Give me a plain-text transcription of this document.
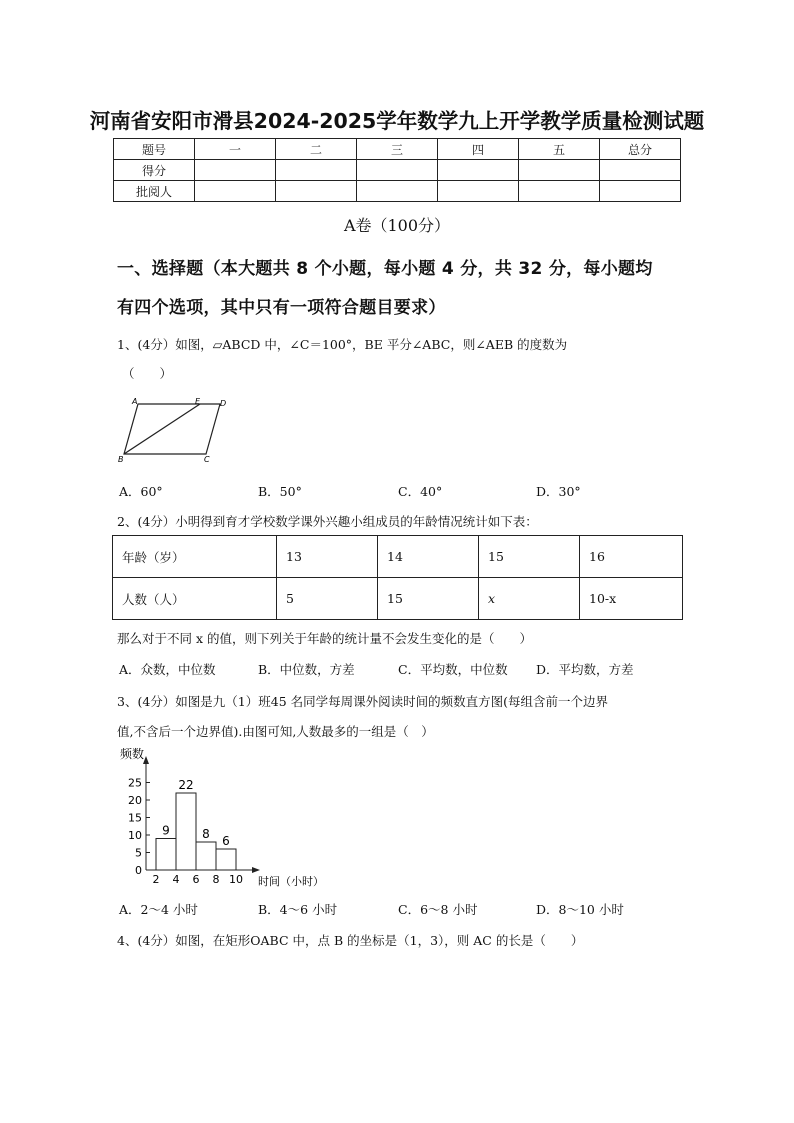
河南省安阳市滑县2024-2025学年数学九上开学教学质量检测试题
题号	一	二	三	四	五	总分
得分						
批阅人						
A卷（100分）
一、选择题（本大题共 8 个小题，每小题 4 分，共 32 分，每小题均
有四个选项，其中只有一项符合题目要求）
1、(4分）如图，▱ABCD 中，∠C＝100°，BE 平分∠ABC，则∠AEB 的度数为
（　　）
A	E D
B	C
A．60°	B．50°	C．40°	D．30°
2、(4分）小明得到育才学校数学课外兴趣小组成员的年龄情况统计如下表：
年龄（岁）	13	14	15	16
人数（人）	5	15	x	10-x
那么对于不同 x 的值，则下列关于年龄的统计量不会发生变化的是（　　）
A．众数，中位数	B．中位数，方差	C．平均数，中位数 D．平均数，方差
3、(4分）如图是九（1）班45 名同学每周课外阅读时间的频数直方图(每组含前一个边界
值,不含后一个边界值).由图可知,人数最多的一组是（　）
频数
时间（小时）
0
5
10
15
20
25
2 4 6 8 10
9
22
8 6
A．2～4 小时	B．4～6 小时	C．6～8 小时	D．8～10 小时
4、(4分）如图，在矩形OABC 中，点 B 的坐标是（1，3），则 AC 的长是（　　）
